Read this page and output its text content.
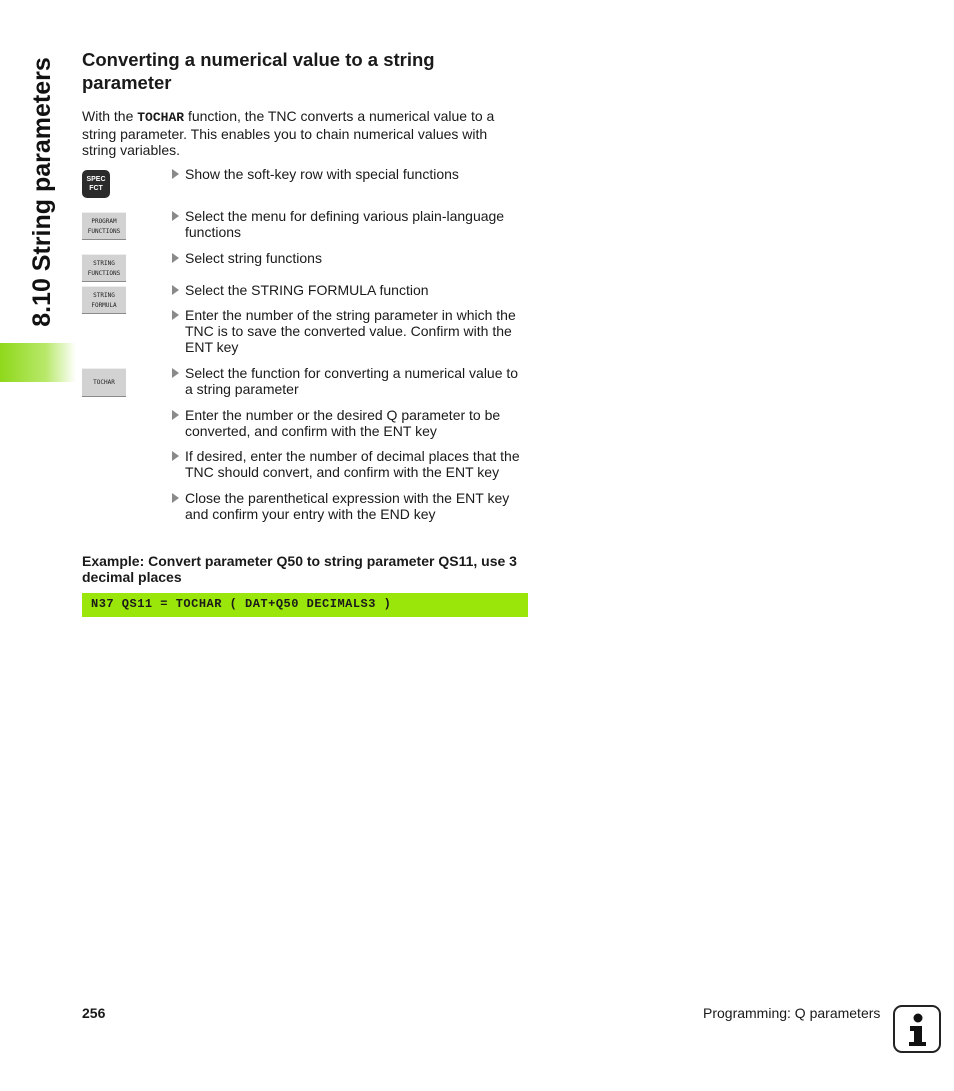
8.10 String parameters	Converting a numerical value to a string parameter

With the TOCHAR function, the TNC converts a numerical value to a string parameter. This enables you to chain numerical values with string variables.

SPEC
FCT
PROGRAM
FUNCTIONS
STRING
FUNCTIONS
STRING
FORMULA
TOCHAR
Show the soft-key row with special functions
Select the menu for defining various plain-language functions
Select string functions
Select the STRING FORMULA function
Enter the number of the string parameter in which the TNC is to save the converted value. Confirm with the ENT key
Select the function for converting a numerical value to a string parameter
Enter the number or the desired Q parameter to be converted, and confirm with the ENT key
If desired, enter the number of decimal places that the TNC should convert, and confirm with the ENT key
Close the parenthetical expression with the ENT key and confirm your entry with the END key

Example: Convert parameter Q50 to string parameter QS11, use 3 decimal places

N37 QS11 = TOCHAR ( DAT+Q50 DECIMALS3 )
256	Programming: Q parameters
